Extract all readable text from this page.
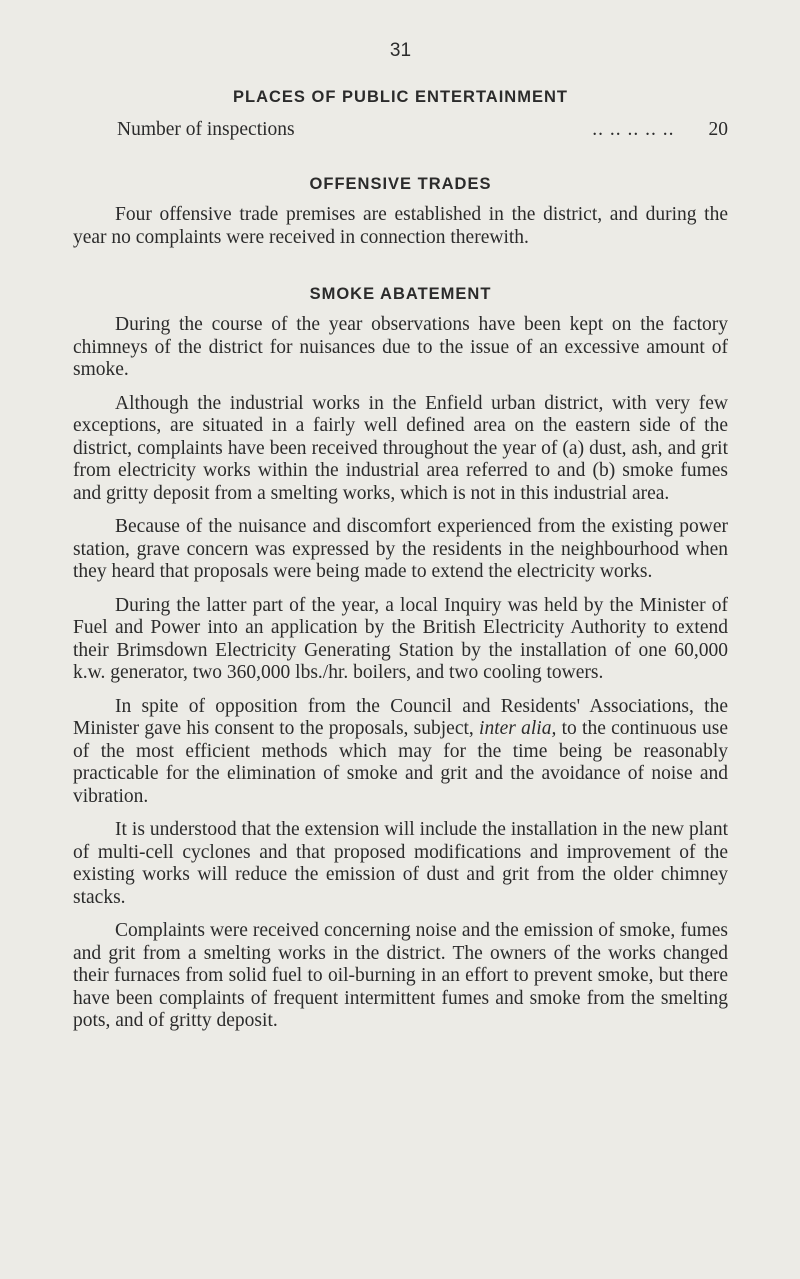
31
PLACES OF PUBLIC ENTERTAINMENT
Number of inspections	.. .. .. .. ..	20
OFFENSIVE TRADES

Four offensive trade premises are established in the district, and during the year no complaints were received in connection therewith.

SMOKE ABATEMENT

During the course of the year observations have been kept on the factory chimneys of the district for nuisances due to the issue of an excessive amount of smoke.

Although the industrial works in the Enfield urban district, with very few exceptions, are situated in a fairly well defined area on the eastern side of the district, complaints have been received throughout the year of (a) dust, ash, and grit from electricity works within the industrial area referred to and (b) smoke fumes and gritty deposit from a smelting works, which is not in this industrial area.

Because of the nuisance and discomfort experienced from the existing power station, grave concern was expressed by the residents in the neighbourhood when they heard that proposals were being made to extend the electricity works.

During the latter part of the year, a local Inquiry was held by the Minister of Fuel and Power into an application by the British Electricity Authority to extend their Brimsdown Electricity Generating Station by the installation of one 60,000 k.w. generator, two 360,000 lbs./hr. boilers, and two cooling towers.

In spite of opposition from the Council and Residents' Associations, the Minister gave his consent to the proposals, subject, inter alia, to the continuous use of the most efficient methods which may for the time being be reasonably practicable for the elimination of smoke and grit and the avoidance of noise and vibration.

It is understood that the extension will include the installation in the new plant of multi-cell cyclones and that proposed modifications and improvement of the existing works will reduce the emission of dust and grit from the older chimney stacks.

Complaints were received concerning noise and the emission of smoke, fumes and grit from a smelting works in the district. The owners of the works changed their furnaces from solid fuel to oil-burning in an effort to prevent smoke, but there have been complaints of frequent intermittent fumes and smoke from the smelting pots, and of gritty deposit.
